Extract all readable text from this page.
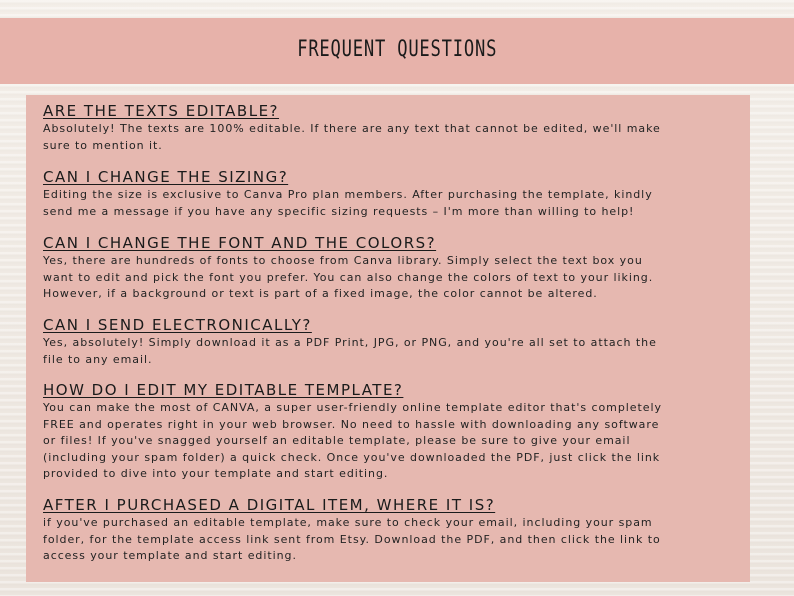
FREQUENT QUESTIONS
ARE THE TEXTS EDITABLE?
Absolutely! The texts are 100% editable. If there are any text that cannot be edited, we'll make
sure to mention it.
CAN I CHANGE THE SIZING?
Editing the size is exclusive to Canva Pro plan members. After purchasing the template, kindly
send me a message if you have any specific sizing requests – I'm more than willing to help!
CAN I CHANGE THE FONT AND THE COLORS?
Yes, there are hundreds of fonts to choose from Canva library. Simply select the text box you
want to edit and pick the font you prefer. You can also change the colors of text to your liking.
However, if a background or text is part of a fixed image, the color cannot be altered.
CAN I SEND ELECTRONICALLY?
Yes, absolutely! Simply download it as a PDF Print, JPG, or PNG, and you're all set to attach the
file to any email.
HOW DO I EDIT MY EDITABLE TEMPLATE?
You can make the most of CANVA, a super user-friendly online template editor that's completely
FREE and operates right in your web browser. No need to hassle with downloading any software
or files! If you've snagged yourself an editable template, please be sure to give your email
(including your spam folder) a quick check. Once you've downloaded the PDF, just click the link
provided to dive into your template and start editing.
AFTER I PURCHASED A DIGITAL ITEM, WHERE IT IS?
if you've purchased an editable template, make sure to check your email, including your spam
folder, for the template access link sent from Etsy. Download the PDF, and then click the link to
access your template and start editing.
